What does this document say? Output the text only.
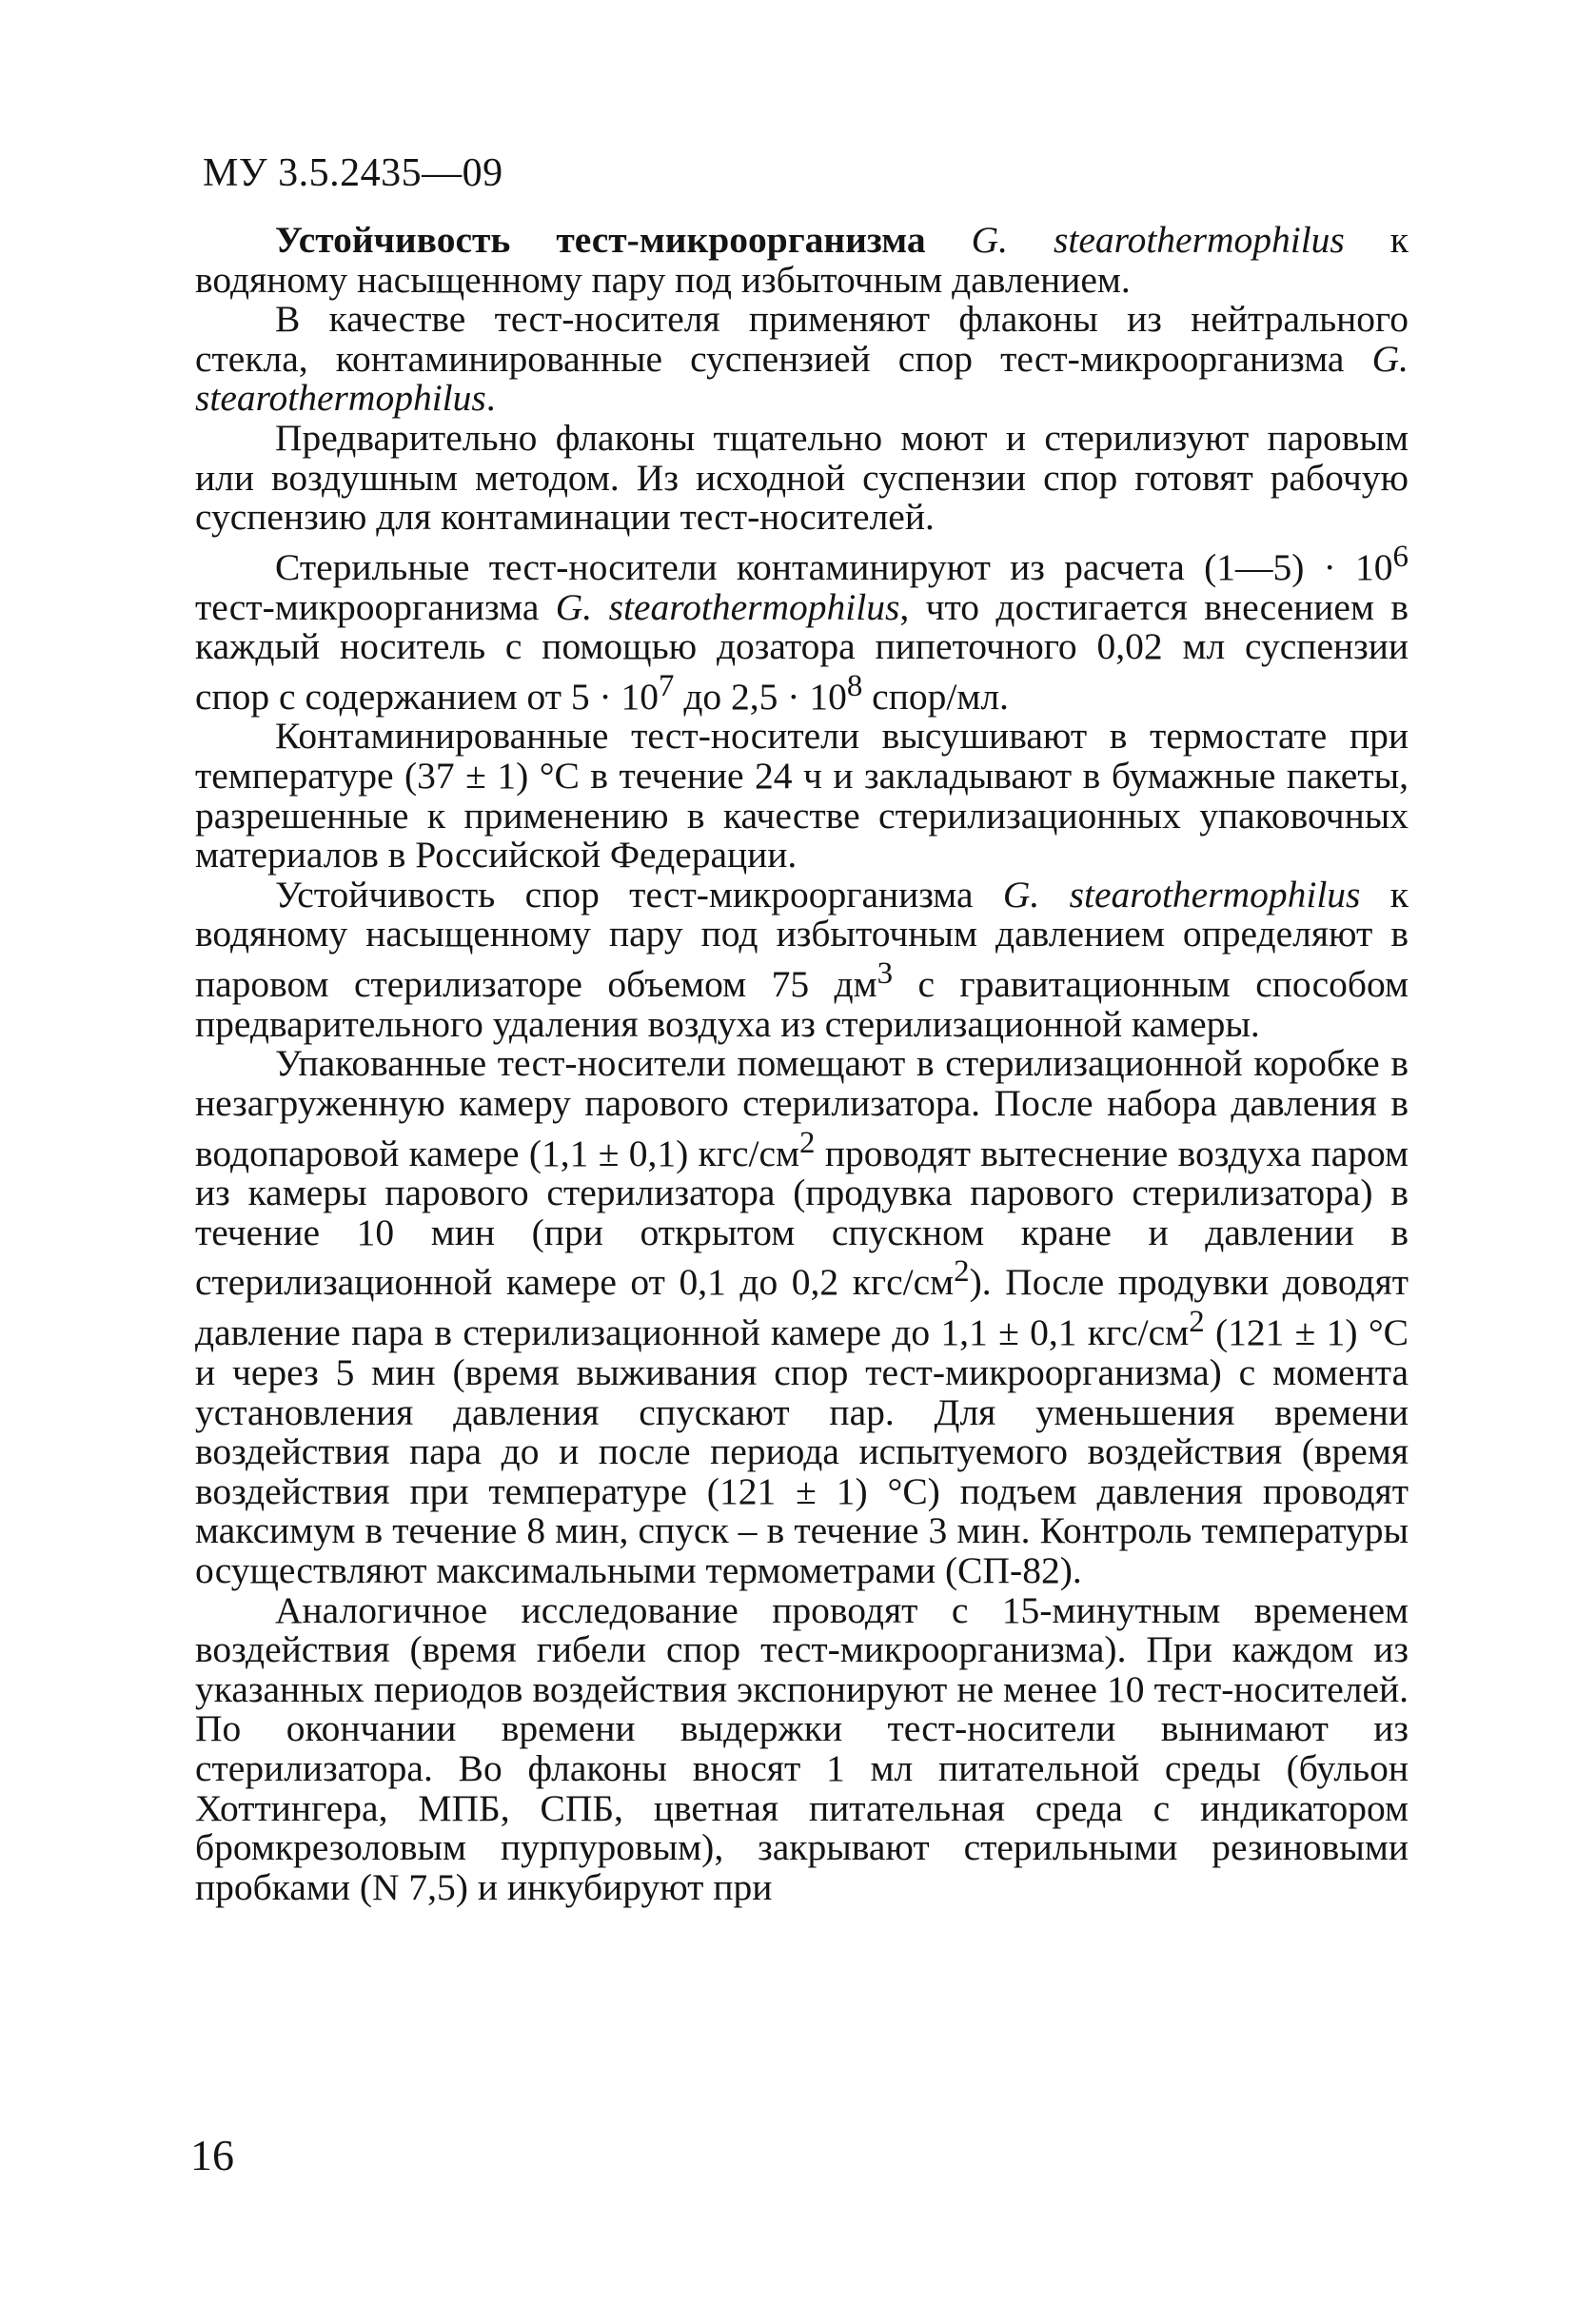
МУ 3.5.2435—09

Устойчивость тест-микроорганизма G. stearothermophilus к водяному насыщенному пару под избыточным давлением.

В качестве тест-носителя применяют флаконы из нейтрального стекла, контаминированные суспензией спор тест-микроорганизма G. stearothermophilus.

Предварительно флаконы тщательно моют и стерилизуют паровым или воздушным методом. Из исходной суспензии спор готовят рабочую суспензию для контаминации тест-носителей.

Стерильные тест-носители контаминируют из расчета (1—5) · $10^6$ тест-микроорганизма G. stearothermophilus, что достигается внесением в каждый носитель с помощью дозатора пипеточного 0,02 мл суспензии спор с содержанием от $5 \cdot 10^7$ до $2,5 \cdot 10^8$ спор/мл.

Контаминированные тест-носители высушивают в термостате при температуре (37 ± 1) °С в течение 24 ч и закладывают в бумажные пакеты, разрешенные к применению в качестве стерилизационных упаковочных материалов в Российской Федерации.

Устойчивость спор тест-микроорганизма G. stearothermophilus к водяному насыщенному пару под избыточным давлением определяют в паровом стерилизаторе объемом 75 $дм^3$ с гравитационным способом предварительного удаления воздуха из стерилизационной камеры.

Упакованные тест-носители помещают в стерилизационной коробке в незагруженную камеру парового стерилизатора. После набора давления в водопаровой камере (1,1 ± 0,1) кгс/$см^2$ проводят вытеснение воздуха паром из камеры парового стерилизатора (продувка парового стерилизатора) в течение 10 мин (при открытом спускном кране и давлении в стерилизационной камере от 0,1 до 0,2 кгс/$см^2$). После продувки доводят давление пара в стерилизационной камере до 1,1 ± 0,1 кгс/$см^2$ (121 ± 1) °С и через 5 мин (время выживания спор тест-микроорганизма) с момента установления давления спускают пар. Для уменьшения времени воздействия пара до и после периода испытуемого воздействия (время воздействия при температуре (121 ± 1) °С) подъем давления проводят максимум в течение 8 мин, спуск – в течение 3 мин. Контроль температуры осуществляют максимальными термометрами (СП-82).

Аналогичное исследование проводят с 15-минутным временем воздействия (время гибели спор тест-микроорганизма). При каждом из указанных периодов воздействия экспонируют не менее 10 тест-носителей. По окончании времени выдержки тест-носители вынимают из стерилизатора. Во флаконы вносят 1 мл питательной среды (бульон Хоттингера, МПБ, СПБ, цветная питательная среда с индикатором бромкрезоловым пурпуровым), закрывают стерильными резиновыми пробками (N 7,5) и инкубируют при

16
